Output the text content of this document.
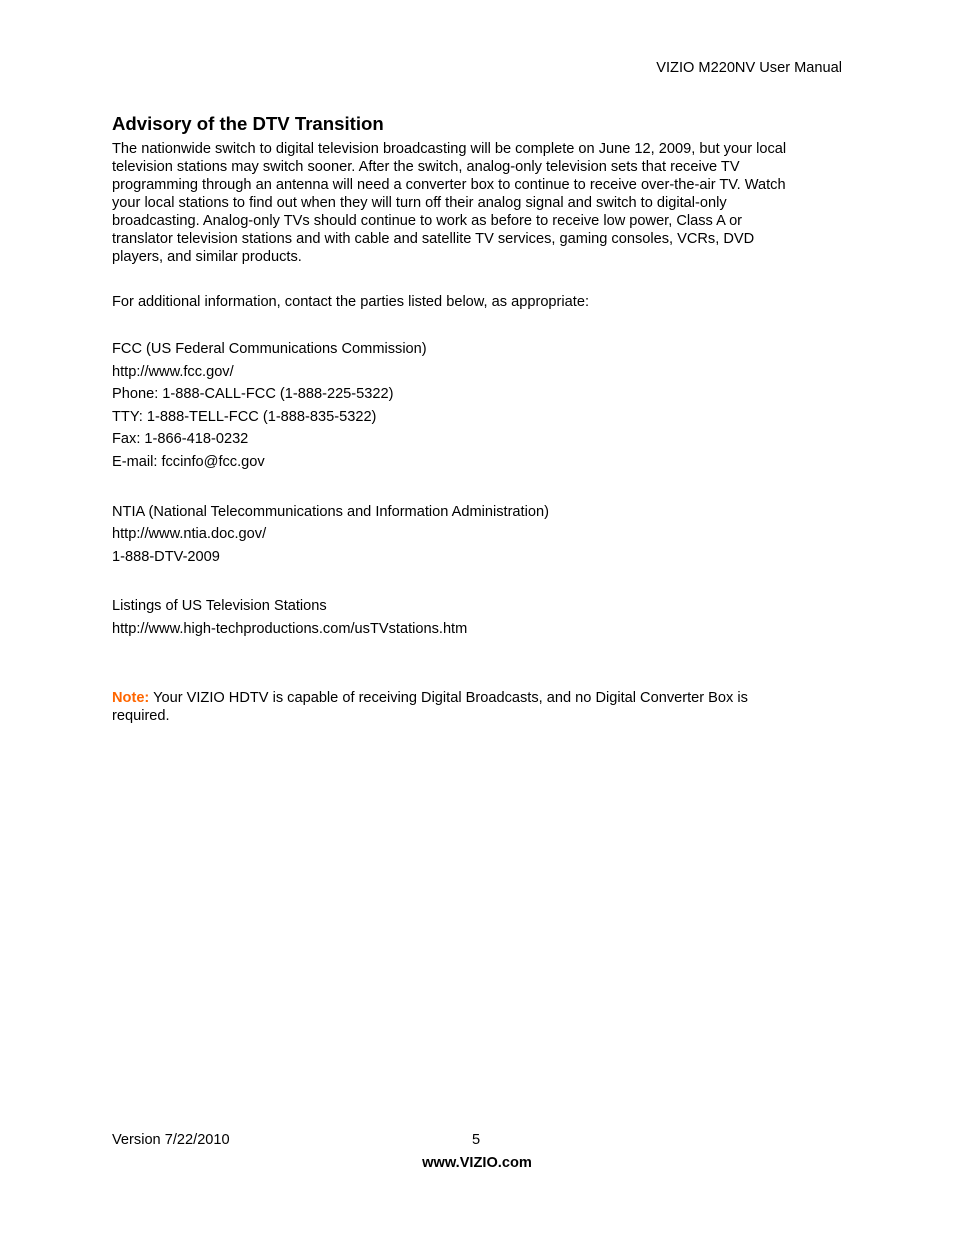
VIZIO M220NV User Manual
Advisory of the DTV Transition

The nationwide switch to digital television broadcasting will be complete on June 12, 2009, but your local
television stations may switch sooner. After the switch, analog-only television sets that receive TV
programming through an antenna will need a converter box to continue to receive over-the-air TV. Watch
your local stations to find out when they will turn off their analog signal and switch to digital-only
broadcasting. Analog-only TVs should continue to work as before to receive low power, Class A or
translator television stations and with cable and satellite TV services, gaming consoles, VCRs, DVD
players, and similar products.

For additional information, contact the parties listed below, as appropriate:

FCC (US Federal Communications Commission)
http://www.fcc.gov/
Phone: 1-888-CALL-FCC (1-888-225-5322)
TTY: 1-888-TELL-FCC (1-888-835-5322)
Fax: 1-866-418-0232
E-mail: fccinfo@fcc.gov
NTIA (National Telecommunications and Information Administration)
http://www.ntia.doc.gov/
1-888-DTV-2009
Listings of US Television Stations
http://www.high-techproductions.com/usTVstations.htm
Note: Your VIZIO HDTV is capable of receiving Digital Broadcasts, and no Digital Converter Box is
required.
Version 7/22/2010	5
www.VIZIO.com
